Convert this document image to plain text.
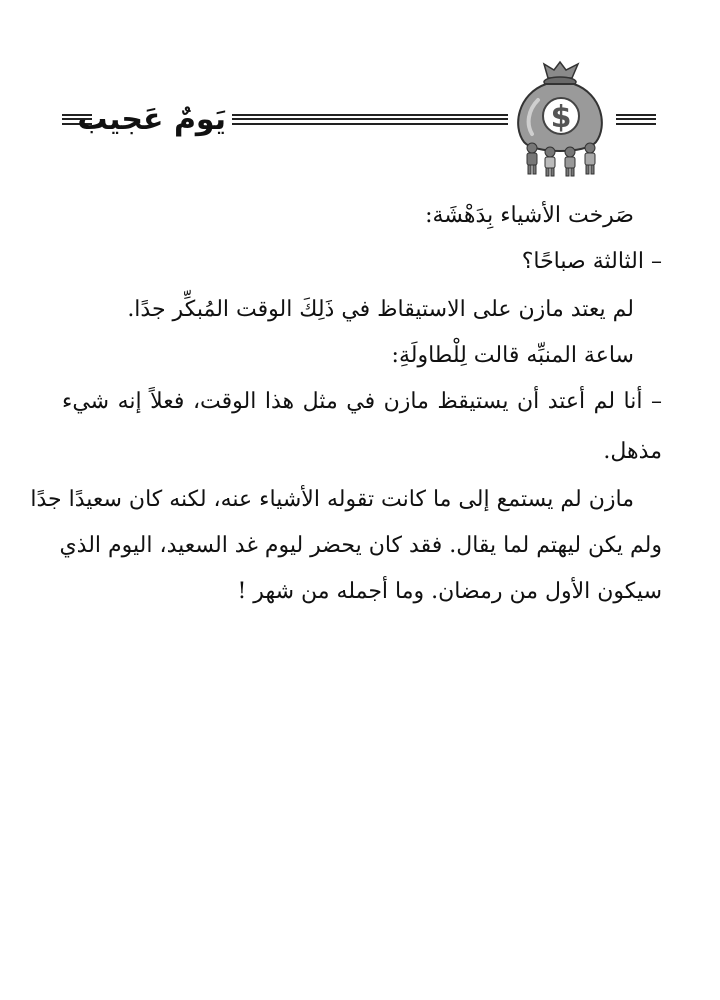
يَومٌ عَجيب	$
صَرخت الأشياء بِدَهْشَة:
– الثالثة صباحًا؟
لم يعتد مازن على الاستيقاظ في ذَلِكَ الوقت المُبكِّر جدًا.
ساعة المنبِّه قالت لِلْطاولَةِ:
– أنا لم أعتد أن يستيقظ مازن في مثل هذا الوقت، فعلاً إنه شيء
مذهل.
مازن لم يستمع إلى ما كانت تقوله الأشياء عنه، لكنه كان سعيدًا جدًا
ولم يكن ليهتم لما يقال. فقد كان يحضر ليوم غد السعيد، اليوم الذي
سيكون الأول من رمضان. وما أجمله من شهر !
